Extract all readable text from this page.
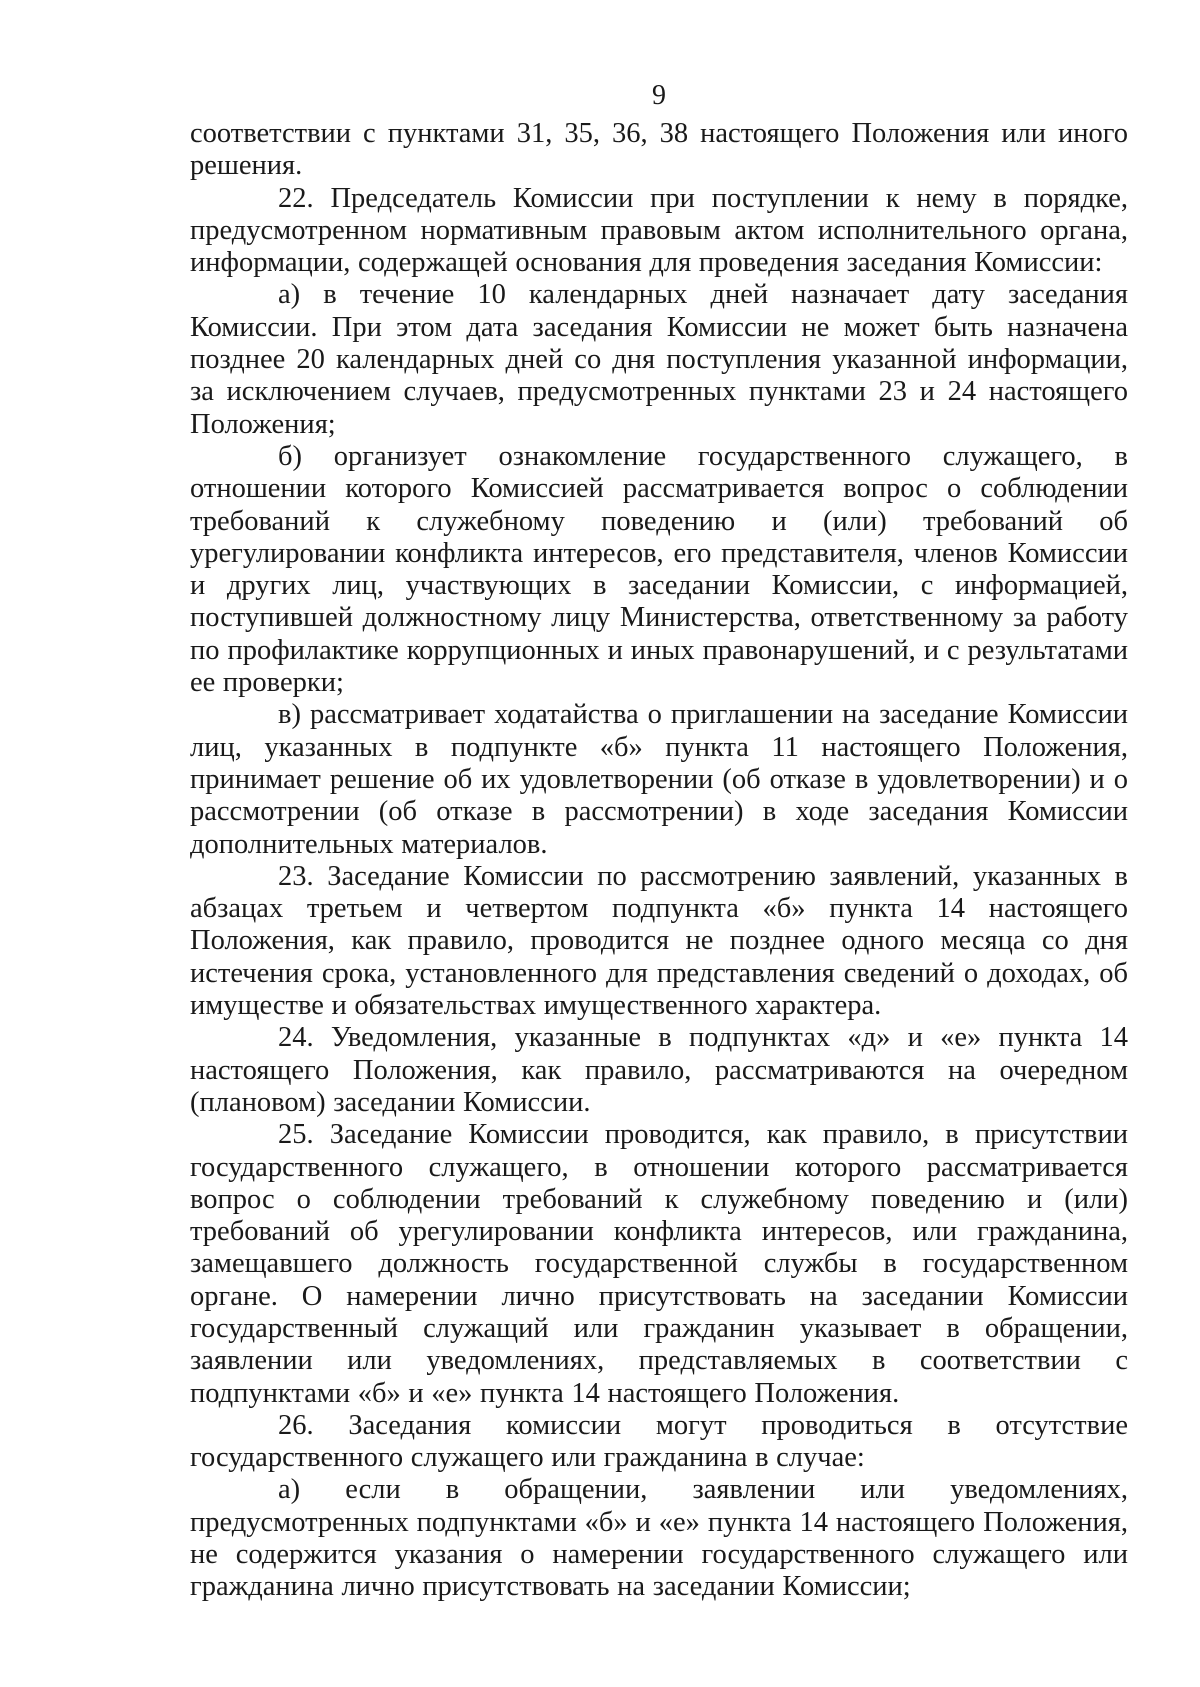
9

соответствии с пунктами 31, 35, 36, 38 настоящего Положения или иного решения.

22. Председатель Комиссии при поступлении к нему в порядке, предусмотренном нормативным правовым актом исполнительного органа, информации, содержащей основания для проведения заседания Комиссии:

а) в течение 10 календарных дней назначает дату заседания Комиссии. При этом дата заседания Комиссии не может быть назначена позднее 20 календарных дней со дня поступления указанной информации, за исключением случаев, предусмотренных пунктами 23 и 24 настоящего Положения;

б) организует ознакомление государственного служащего, в отношении которого Комиссией рассматривается вопрос о соблюдении требований к служебному поведению и (или) требований об урегулировании конфликта интересов, его представителя, членов Комиссии и других лиц, участвующих в заседании Комиссии, с информацией, поступившей должностному лицу Министерства, ответственному за работу по профилактике коррупционных и иных правонарушений, и с результатами ее проверки;

в) рассматривает ходатайства о приглашении на заседание Комиссии лиц, указанных в подпункте «б» пункта 11 настоящего Положения, принимает решение об их удовлетворении (об отказе в удовлетворении) и о рассмотрении (об отказе в рассмотрении) в ходе заседания Комиссии дополнительных материалов.

23. Заседание Комиссии по рассмотрению заявлений, указанных в абзацах третьем и четвертом подпункта «б» пункта 14 настоящего Положения, как правило, проводится не позднее одного месяца со дня истечения срока, установленного для представления сведений о доходах, об имуществе и обязательствах имущественного характера.

24. Уведомления, указанные в подпунктах «д» и «е» пункта 14 настоящего Положения, как правило, рассматриваются на очередном (плановом) заседании Комиссии.

25. Заседание Комиссии проводится, как правило, в присутствии государственного служащего, в отношении которого рассматривается вопрос о соблюдении требований к служебному поведению и (или) требований об урегулировании конфликта интересов, или гражданина, замещавшего должность государственной службы в государственном органе. О намерении лично присутствовать на заседании Комиссии государственный служащий или гражданин указывает в обращении, заявлении или уведомлениях, представляемых в соответствии с подпунктами «б» и «е» пункта 14 настоящего Положения.

26. Заседания комиссии могут проводиться в отсутствие государственного служащего или гражданина в случае:

а) если в обращении, заявлении или уведомлениях, предусмотренных подпунктами «б» и «е» пункта 14 настоящего Положения, не содержится указания о намерении государственного служащего или гражданина лично присутствовать на заседании Комиссии;
